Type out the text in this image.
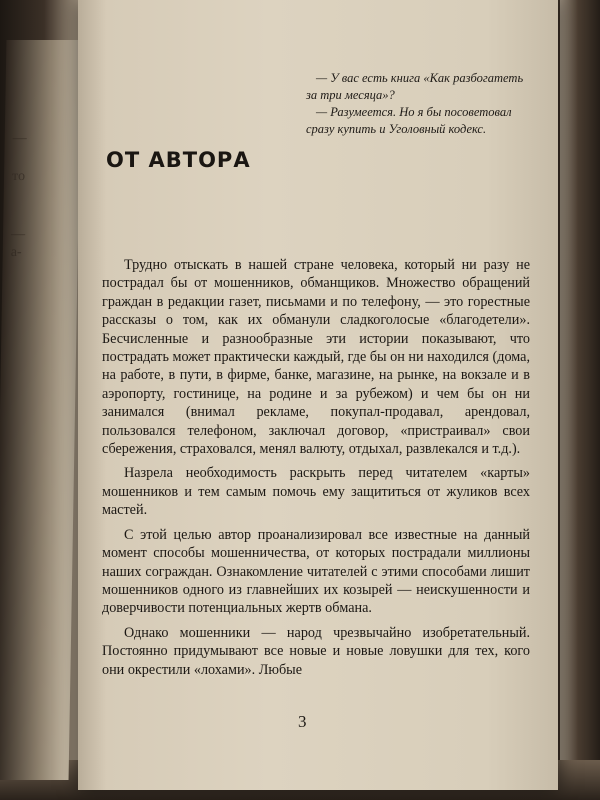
—
то
—
а-

— У вас есть книга «Как разбогатеть за три месяца»?

— Разумеется. Но я бы посоветовал сразу купить и Уголовный кодекс.

ОТ АВТОРА

Трудно отыскать в нашей стране человека, который ни разу не пострадал бы от мошенников, обманщиков. Множество обращений граждан в редакции газет, письмами и по телефону, — это горестные рассказы о том, как их обманули сладкоголосые «благодетели». Бесчисленные и разнообразные эти истории показывают, что пострадать может практически каждый, где бы он ни находился (дома, на работе, в пути, в фирме, банке, магазине, на рынке, на вокзале и в аэропорту, гостинице, на родине и за рубежом) и чем бы он ни занимался (внимал рекламе, покупал-продавал, арендовал, пользовался телефоном, заключал договор, «пристраивал» свои сбережения, страховался, менял валюту, отдыхал, развлекался и т.д.).

Назрела необходимость раскрыть перед читателем «карты» мошенников и тем самым помочь ему защититься от жуликов всех мастей.

С этой целью автор проанализировал все известные на данный момент способы мошенничества, от которых пострадали миллионы наших сограждан. Ознакомление читателей с этими способами лишит мошенников одного из главнейших их козырей — неискушенности и доверчивости потенциальных жертв обмана.

Однако мошенники — народ чрезвычайно изобретательный. Постоянно придумывают все новые и новые ловушки для тех, кого они окрестили «лохами». Любые

3
